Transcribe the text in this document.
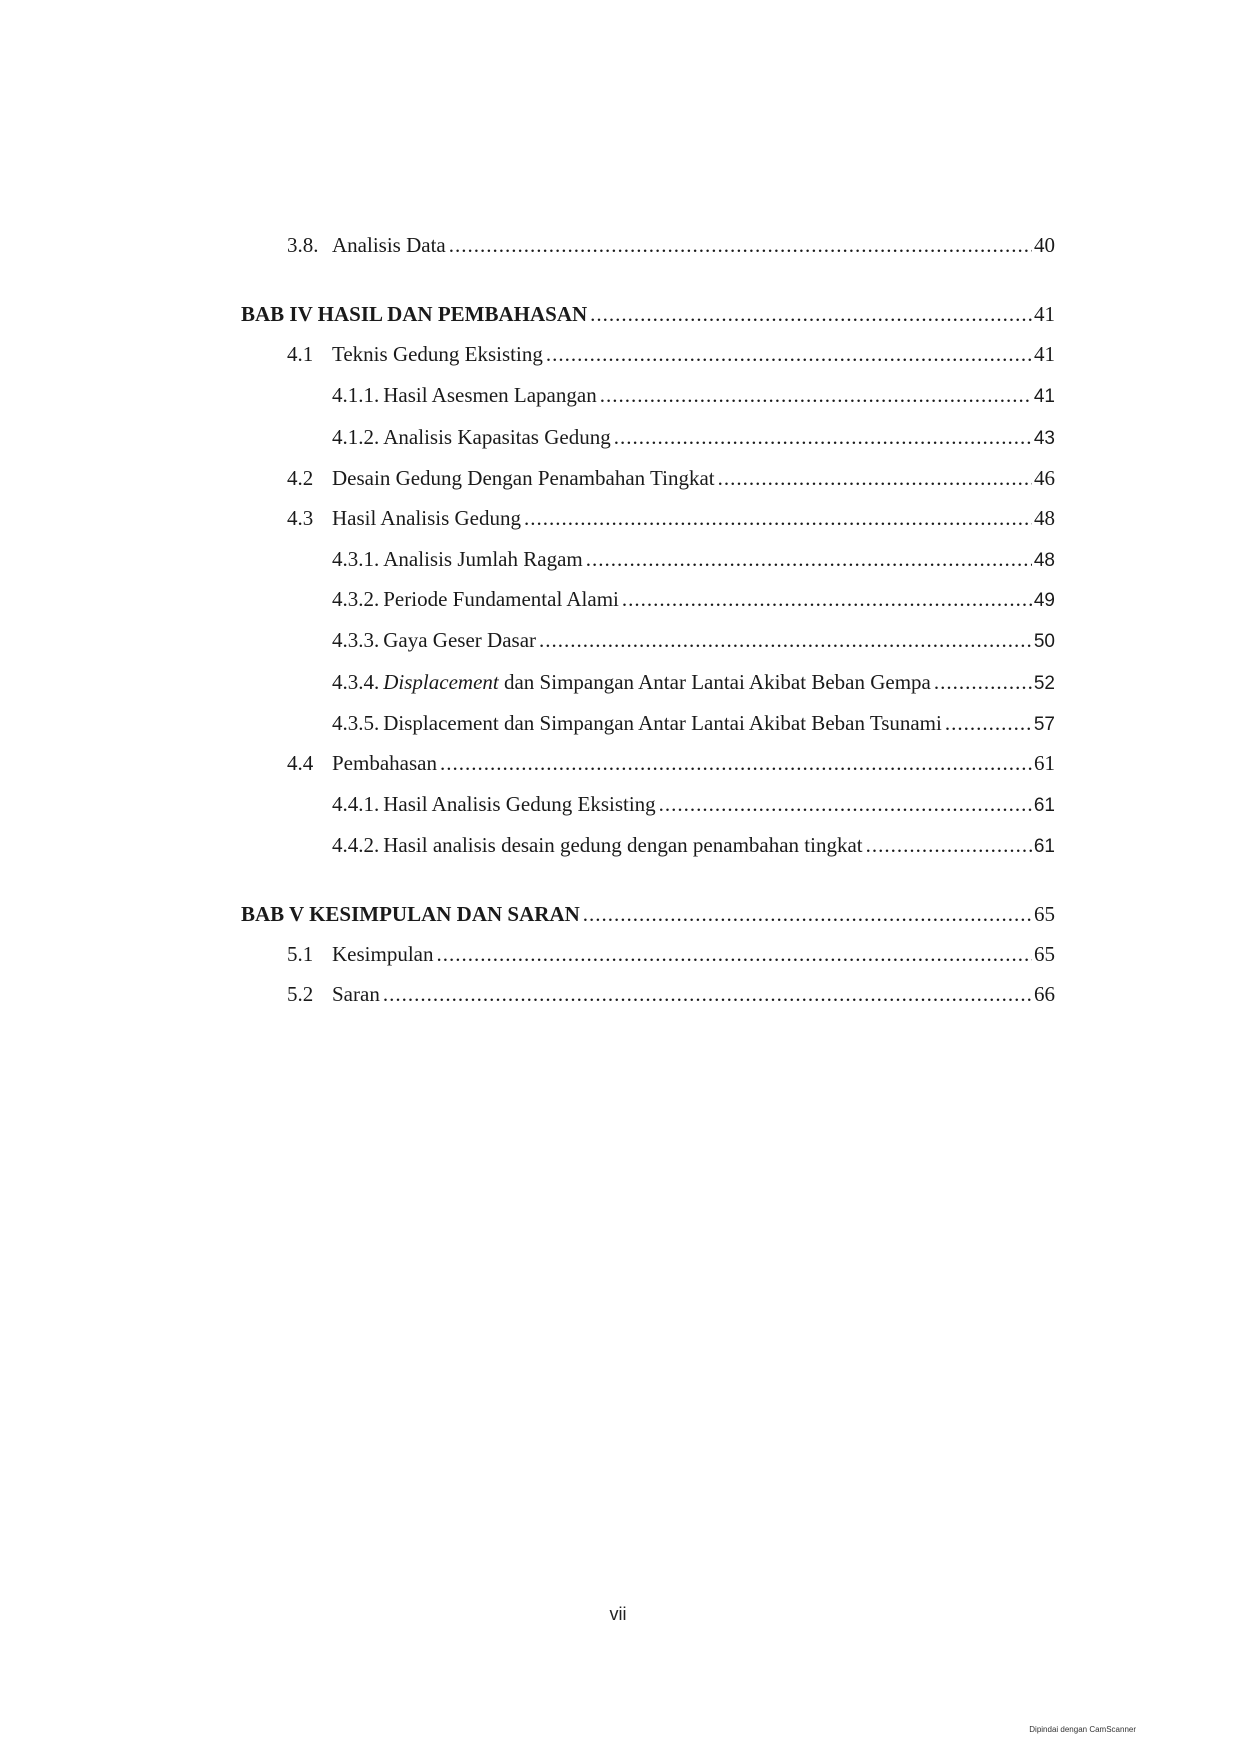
3.8. Analisis Data .....	40
BAB IV HASIL DAN PEMBAHASAN .....	41
4.1 Teknis Gedung Eksisting .....	41
4.1.1. Hasil Asesmen Lapangan .....	41
4.1.2. Analisis Kapasitas Gedung .....	43
4.2 Desain Gedung Dengan Penambahan Tingkat .....	46
4.3 Hasil Analisis Gedung .....	48
4.3.1. Analisis Jumlah Ragam .....	48
4.3.2. Periode Fundamental Alami .....	49
4.3.3. Gaya Geser Dasar .....	50
4.3.4. Displacement dan Simpangan Antar Lantai Akibat Beban Gempa .....	52
4.3.5. Displacement dan Simpangan Antar Lantai Akibat Beban Tsunami .....	57
4.4 Pembahasan .....	61
4.4.1. Hasil Analisis Gedung Eksisting .....	61
4.4.2. Hasil analisis desain gedung dengan penambahan tingkat .....	61
BAB V KESIMPULAN DAN SARAN .....	65
5.1 Kesimpulan .....	65
5.2 Saran .....	66
vii
Dipindai dengan CamScanner
